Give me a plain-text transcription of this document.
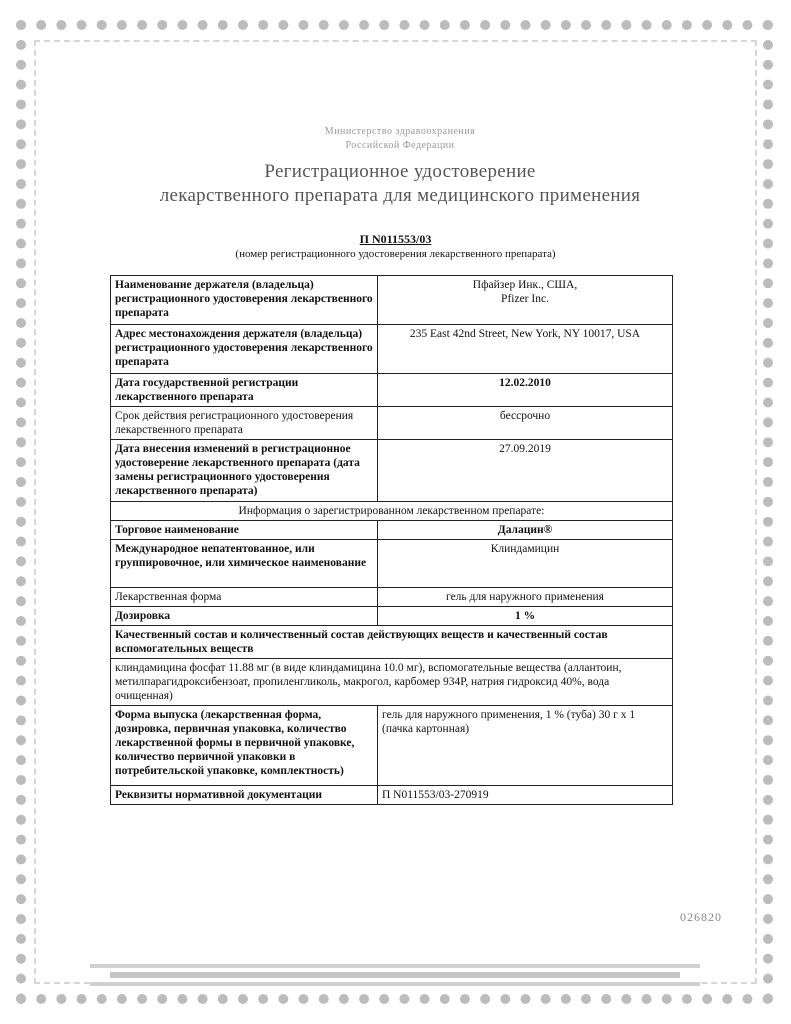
Министерство здравоохранения
Российской Федерации
Регистрационное удостоверение
лекарственного препарата для медицинского применения
П N011553/03
(номер регистрационного удостоверения лекарственного препарата)
Наименование держателя (владельца) регистрационного удостоверения лекарственного препарата	Пфайзер Инк., США,
Pfizer Inc.

Адрес местонахождения держателя (владельца) регистрационного удостоверения лекарственного препарата	235 East 42nd Street, New York, NY 10017, USA
Дата государственной регистрации лекарственного препарата	12.02.2010
Срок действия регистрационного удостоверения лекарственного препарата	бессрочно
Дата внесения изменений в регистрационное удостоверение лекарственного препарата (дата замены регистрационного удостоверения лекарственного препарата)	27.09.2019
Информация о зарегистрированном лекарственном препарате:	
Торговое наименование	Далацин®
Международное непатентованное, или группировочное, или химическое наименование	Клиндамицин
Лекарственная форма	гель для наружного применения
Дозировка	1 %
Качественный состав и количественный состав действующих веществ и качественный состав вспомогательных веществ	
клиндамицина фосфат 11.88 мг (в виде клиндамицина 10.0 мг), вспомогательные вещества (аллантоин, метилпарагидроксибензоат, пропиленгликоль, макрогол, карбомер 934Р, натрия гидроксид 40%, вода очищенная)	
Форма выпуска (лекарственная форма, дозировка, первичная упаковка, количество лекарственной формы в первичной упаковке, количество первичной упаковки в потребительской упаковке, комплектность)	гель для наружного применения, 1 % (туба) 30 г x 1 (пачка картонная)
Реквизиты нормативной документации	П N011553/03-270919
026820
